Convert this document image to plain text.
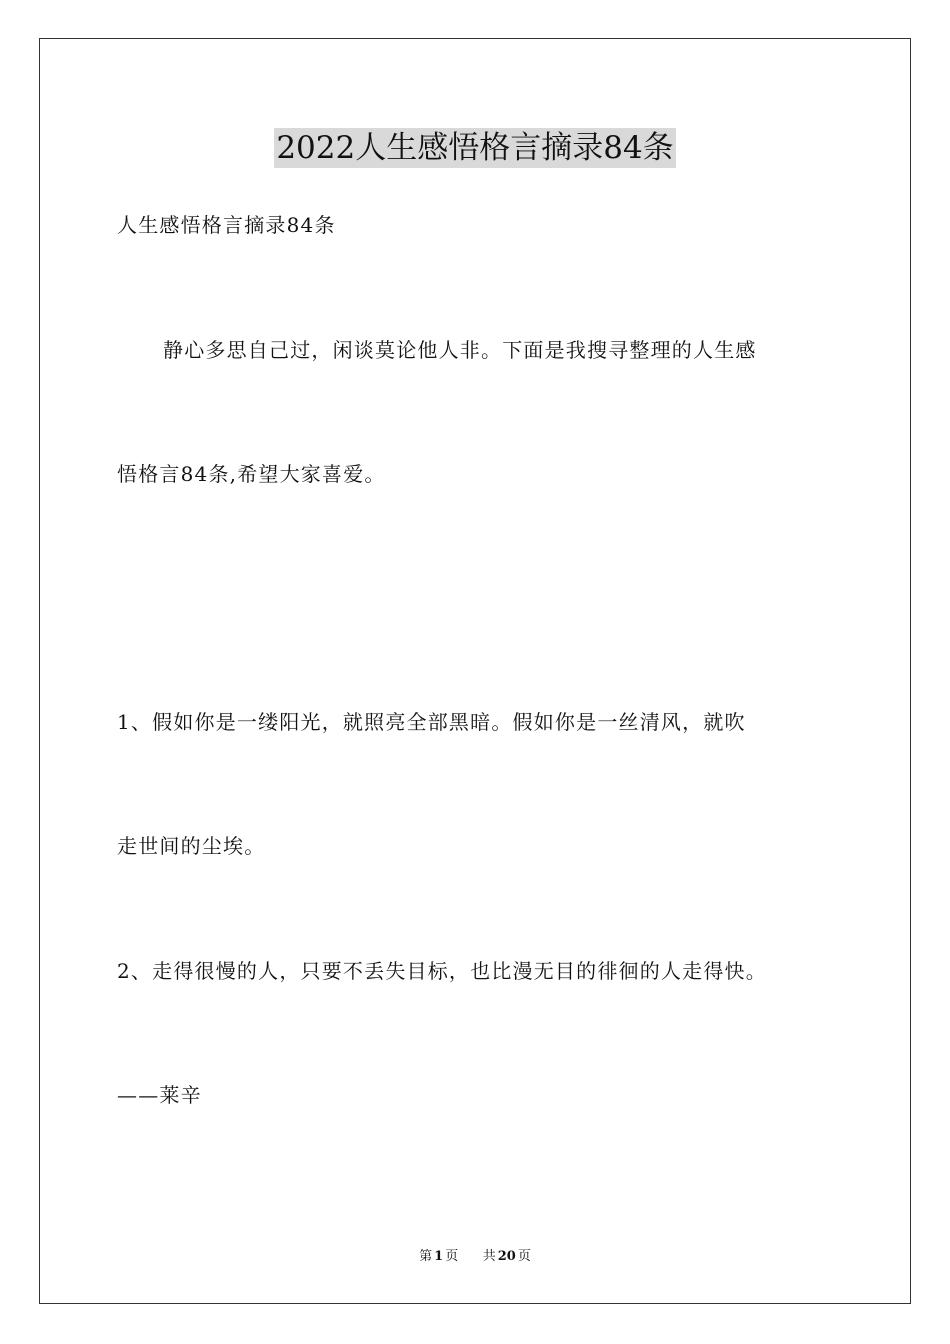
2022人生感悟格言摘录84条
人生感悟格言摘录84条
静心多思自己过，闲谈莫论他人非。下面是我搜寻整理的人生感
悟格言84条,希望大家喜爱。
1、假如你是一缕阳光，就照亮全部黑暗。假如你是一丝清风，就吹
走世间的尘埃。
2、走得很慢的人，只要不丢失目标，也比漫无目的徘徊的人走得快。
——莱辛
第 1 页 共 20 页
